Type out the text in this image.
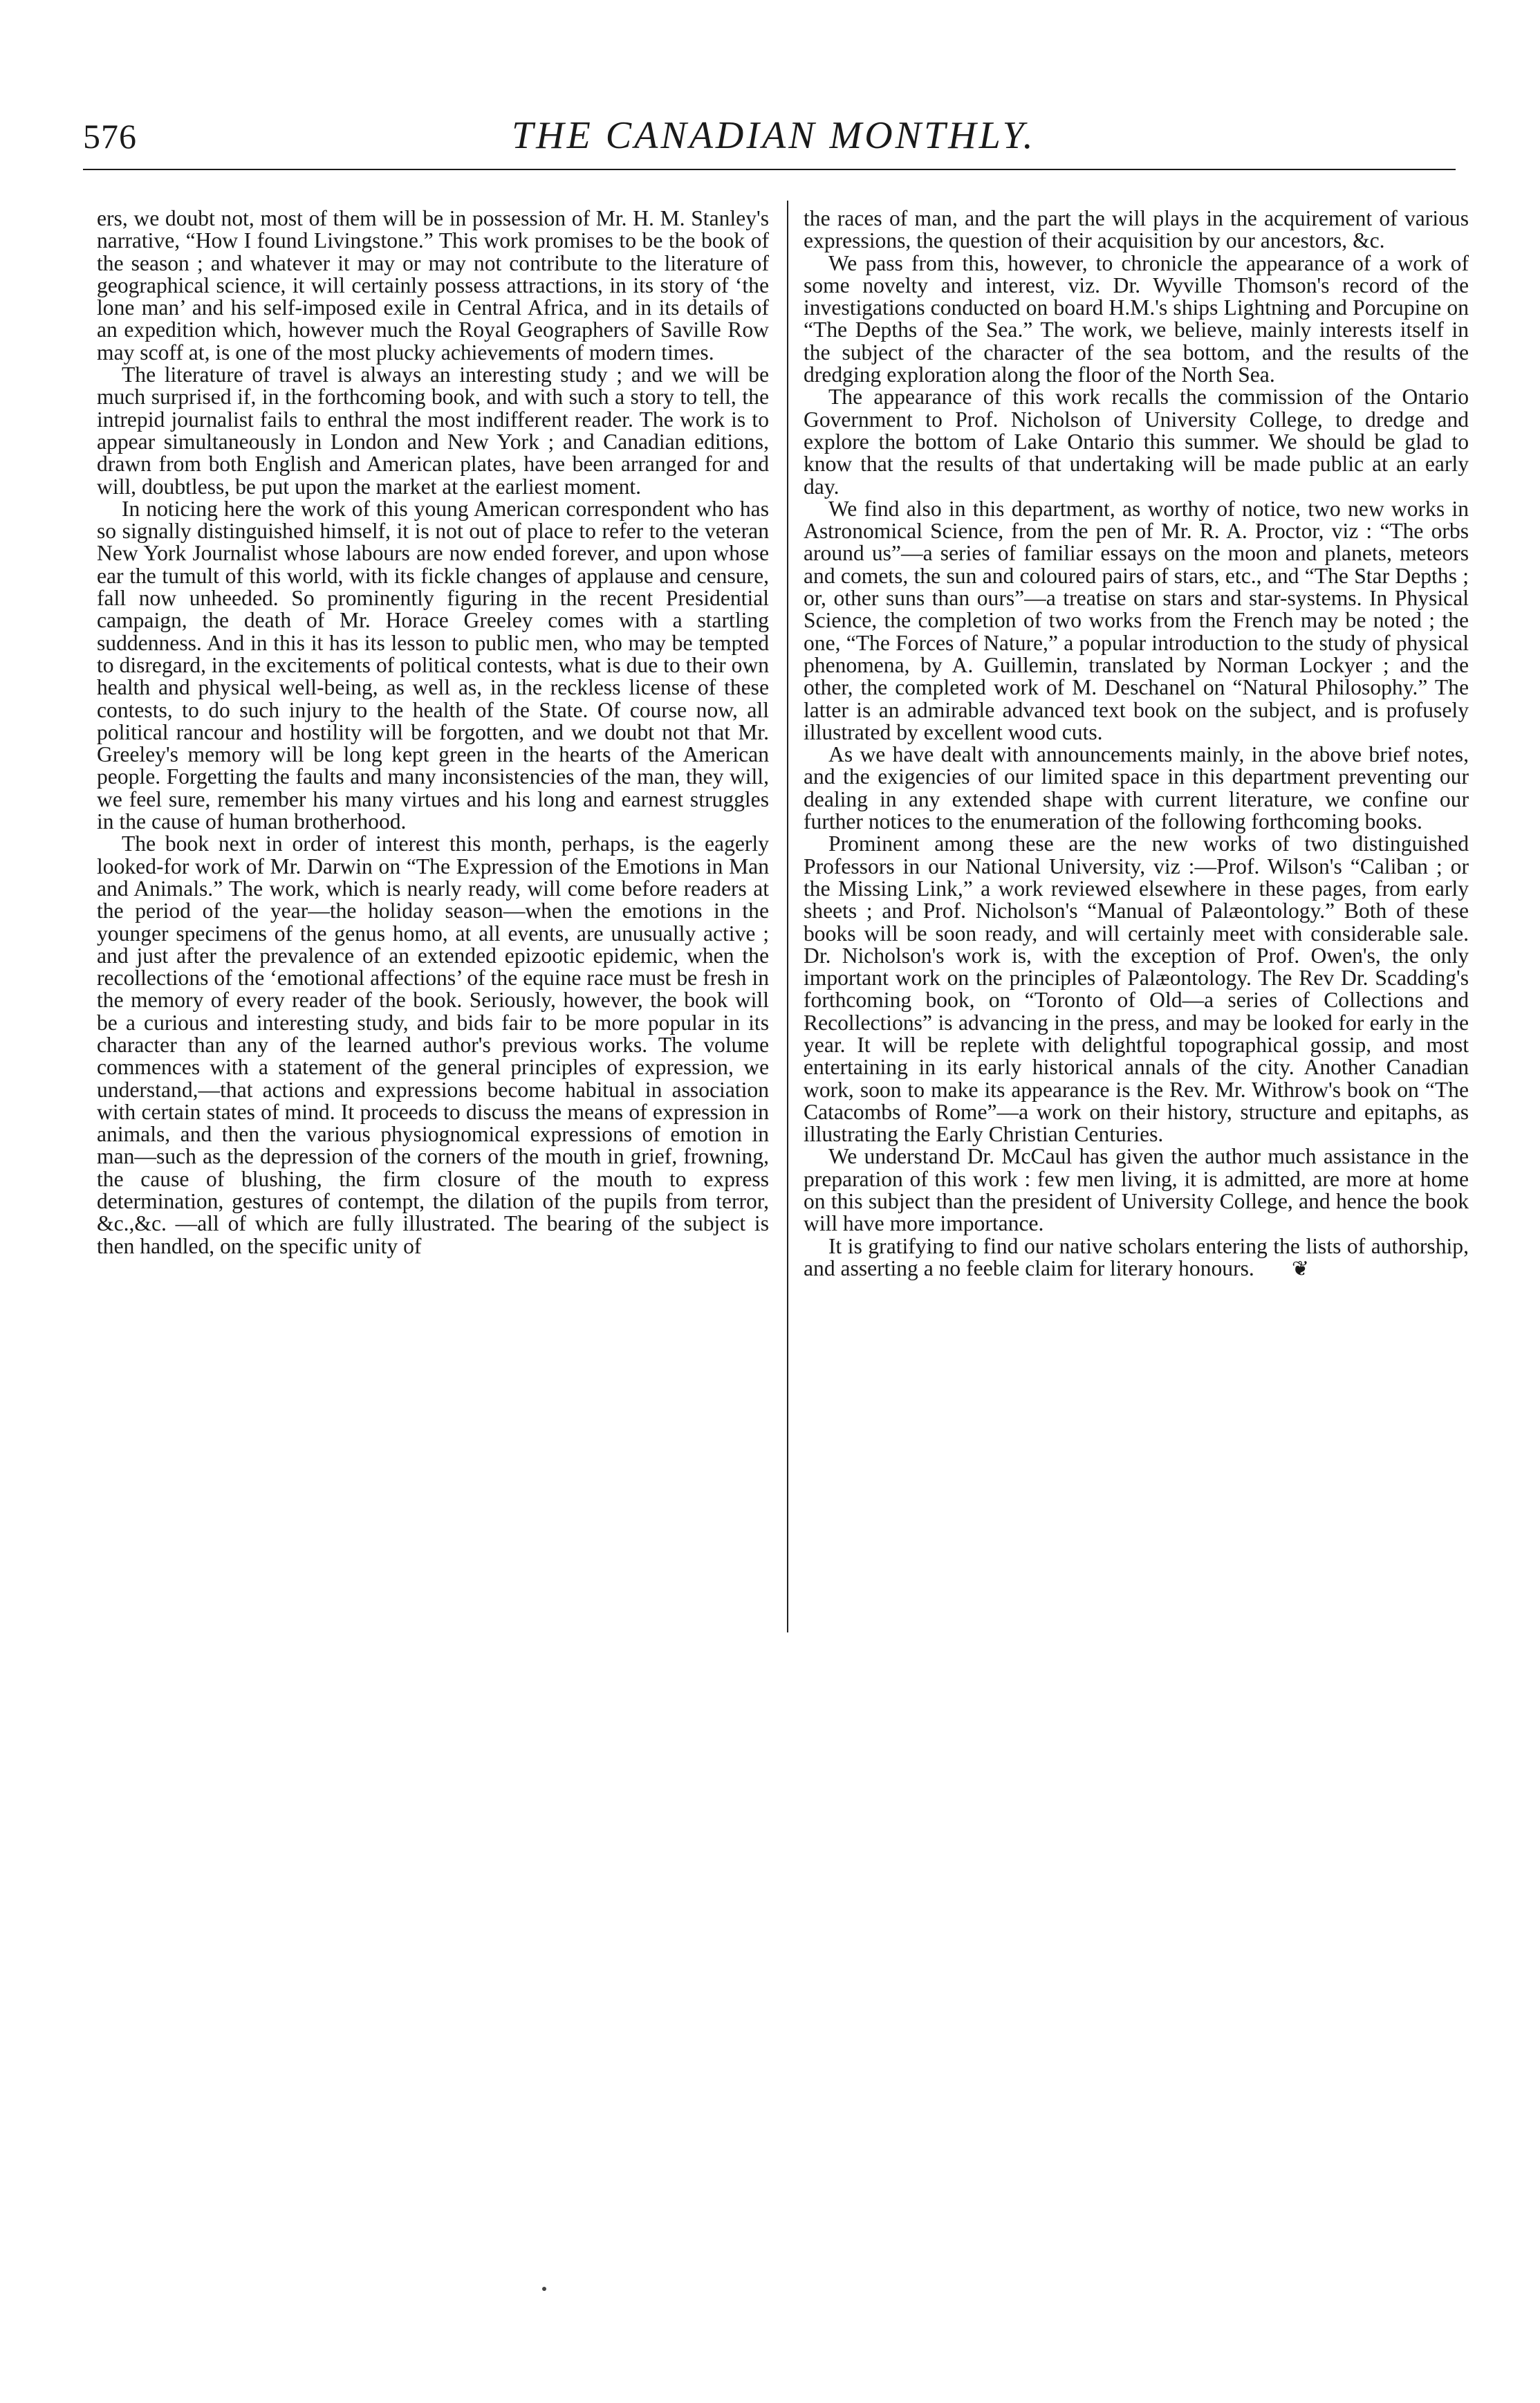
576	THE CANADIAN MONTHLY.

ers, we doubt not, most of them will be in possession of Mr. H. M. Stanley's narrative, “How I found Livingstone.” This work promises to be the book of the season ; and whatever it may or may not contribute to the literature of geographical science, it will certainly possess attractions, in its story of ‘the lone man’ and his self-imposed exile in Central Africa, and in its details of an expedition which, however much the Royal Geographers of Saville Row may scoff at, is one of the most plucky achievements of modern times.

The literature of travel is always an interesting study ; and we will be much surprised if, in the forthcoming book, and with such a story to tell, the intrepid journalist fails to enthral the most indifferent reader. The work is to appear simultaneously in London and New York ; and Canadian editions, drawn from both English and American plates, have been arranged for and will, doubtless, be put upon the market at the earliest moment.

In noticing here the work of this young American correspondent who has so signally distinguished himself, it is not out of place to refer to the veteran New York Journalist whose labours are now ended forever, and upon whose ear the tumult of this world, with its fickle changes of applause and censure, fall now unheeded. So prominently figuring in the recent Presidential campaign, the death of Mr. Horace Greeley comes with a startling suddenness. And in this it has its lesson to public men, who may be tempted to disregard, in the excitements of political contests, what is due to their own health and physical well-being, as well as, in the reckless license of these contests, to do such injury to the health of the State. Of course now, all political rancour and hostility will be forgotten, and we doubt not that Mr. Greeley's memory will be long kept green in the hearts of the American people. Forgetting the faults and many inconsistencies of the man, they will, we feel sure, remember his many virtues and his long and earnest struggles in the cause of human brotherhood.

The book next in order of interest this month, perhaps, is the eagerly looked-for work of Mr. Darwin on “The Expression of the Emotions in Man and Animals.” The work, which is nearly ready, will come before readers at the period of the year—the holiday season—when the emotions in the younger specimens of the genus homo, at all events, are unusually active ; and just after the prevalence of an extended epizootic epidemic, when the recollections of the ‘emotional affections’ of the equine race must be fresh in the memory of every reader of the book. Seriously, however, the book will be a curious and interesting study, and bids fair to be more popular in its character than any of the learned author's previous works. The volume commences with a statement of the general principles of expression, we understand,—that actions and expressions become habitual in association with certain states of mind. It proceeds to discuss the means of expression in animals, and then the various physiognomical expressions of emotion in man—such as the depression of the corners of the mouth in grief, frowning, the cause of blushing, the firm closure of the mouth to express determination, gestures of contempt, the dilation of the pupils from terror, &c.,&c. —all of which are fully illustrated. The bearing of the subject is then handled, on the specific unity of

the races of man, and the part the will plays in the acquirement of various expressions, the question of their acquisition by our ancestors, &c.

We pass from this, however, to chronicle the appearance of a work of some novelty and interest, viz. Dr. Wyville Thomson's record of the investigations conducted on board H.M.'s ships Lightning and Porcupine on “The Depths of the Sea.” The work, we believe, mainly interests itself in the subject of the character of the sea bottom, and the results of the dredging exploration along the floor of the North Sea.

The appearance of this work recalls the commission of the Ontario Government to Prof. Nicholson of University College, to dredge and explore the bottom of Lake Ontario this summer. We should be glad to know that the results of that undertaking will be made public at an early day.

We find also in this department, as worthy of notice, two new works in Astronomical Science, from the pen of Mr. R. A. Proctor, viz : “The orbs around us”—a series of familiar essays on the moon and planets, meteors and comets, the sun and coloured pairs of stars, etc., and “The Star Depths ; or, other suns than ours”—a treatise on stars and star-systems. In Physical Science, the completion of two works from the French may be noted ; the one, “The Forces of Nature,” a popular introduction to the study of physical phenomena, by A. Guillemin, translated by Norman Lockyer ; and the other, the completed work of M. Deschanel on “Natural Philosophy.” The latter is an admirable advanced text book on the subject, and is profusely illustrated by excellent wood cuts.

As we have dealt with announcements mainly, in the above brief notes, and the exigencies of our limited space in this department preventing our dealing in any extended shape with current literature, we confine our further notices to the enumeration of the following forthcoming books.

Prominent among these are the new works of two distinguished Professors in our National University, viz :—Prof. Wilson's “Caliban ; or the Missing Link,” a work reviewed elsewhere in these pages, from early sheets ; and Prof. Nicholson's “Manual of Palæontology.” Both of these books will be soon ready, and will certainly meet with considerable sale. Dr. Nicholson's work is, with the exception of Prof. Owen's, the only important work on the principles of Palæontology. The Rev Dr. Scadding's forthcoming book, on “Toronto of Old—a series of Collections and Recollections” is advancing in the press, and may be looked for early in the year. It will be replete with delightful topographical gossip, and most entertaining in its early historical annals of the city. Another Canadian work, soon to make its appearance is the Rev. Mr. Withrow's book on “The Catacombs of Rome”—a work on their history, structure and epitaphs, as illustrating the Early Christian Centuries.

We understand Dr. McCaul has given the author much assistance in the preparation of this work : few men living, it is admitted, are more at home on this subject than the president of University College, and hence the book will have more importance.

It is gratifying to find our native scholars entering the lists of authorship, and asserting a no feeble claim for literary honours. ❦
